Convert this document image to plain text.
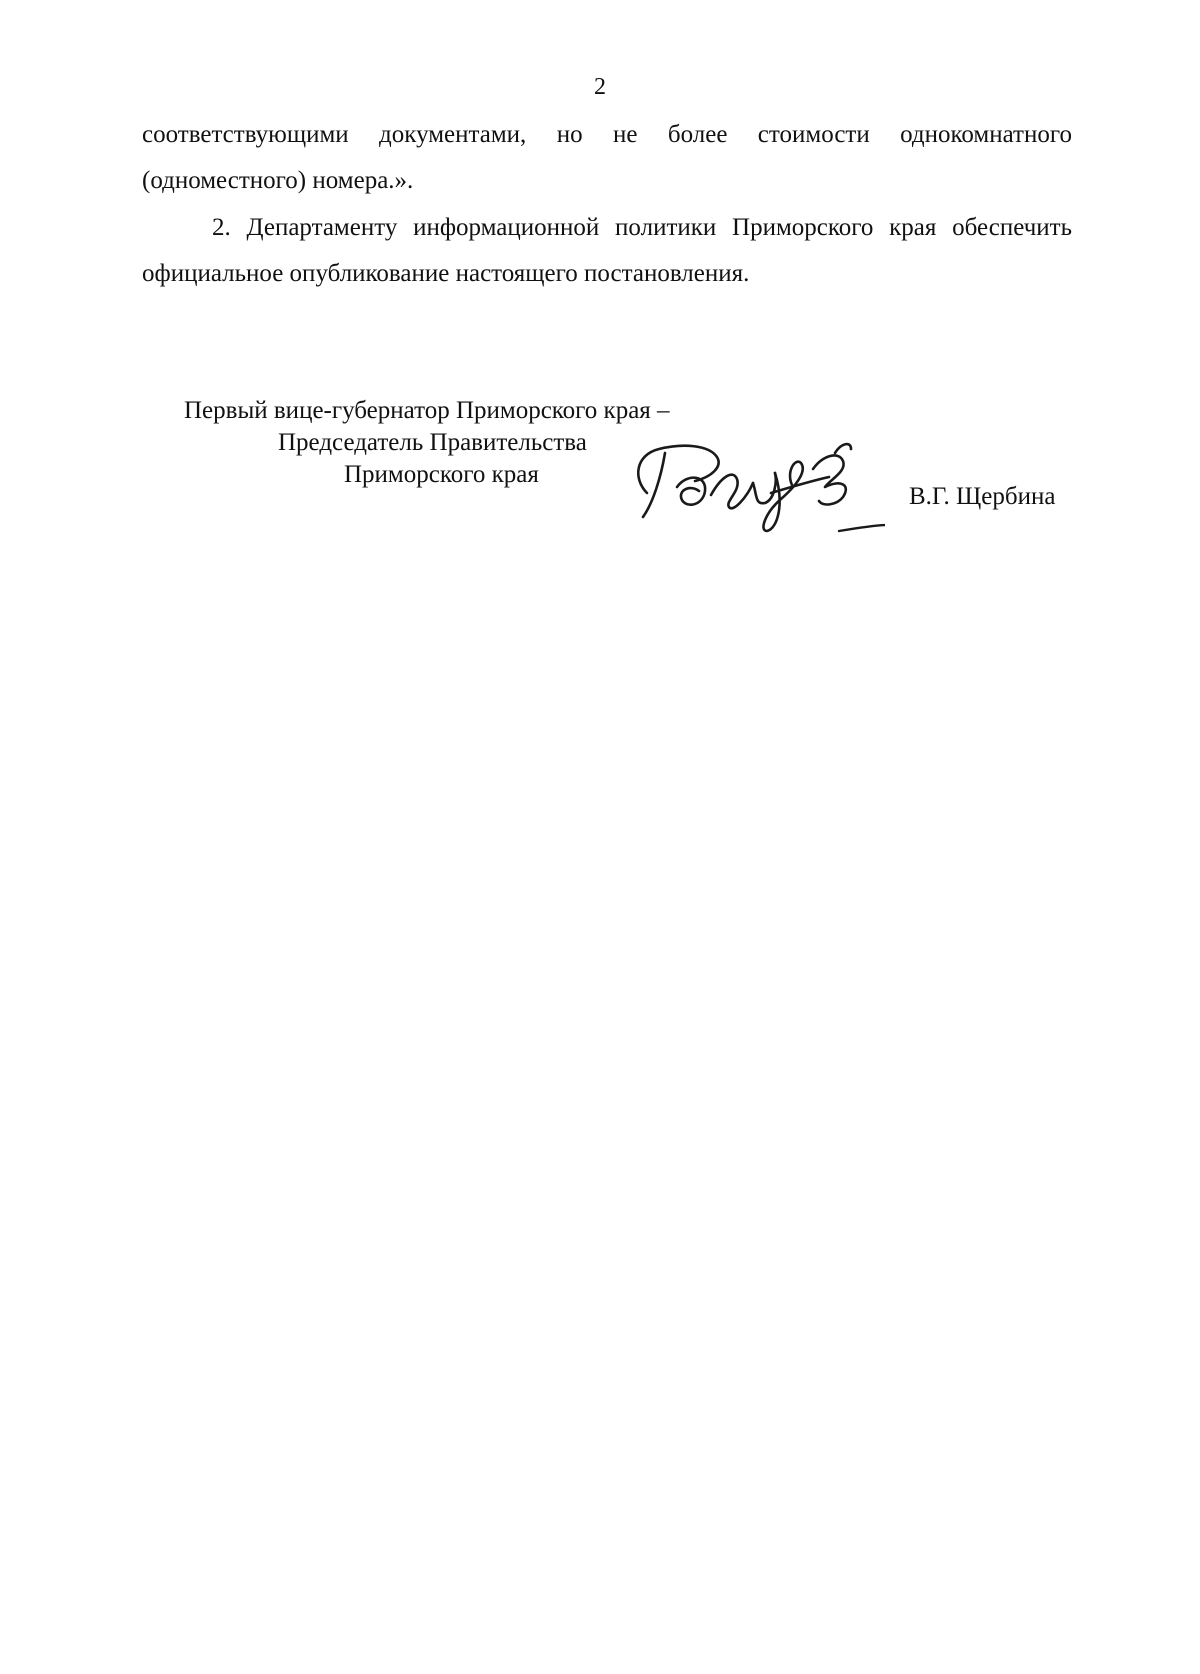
2

соответствующими документами, но не более стоимости однокомнатного (одноместного) номера.».

2. Департаменту информационной политики Приморского края обеспечить официальное опубликование настоящего постановления.

Первый вице-губернатор Приморского края –
Председатель Правительства
Приморского края
В.Г. Щербина
